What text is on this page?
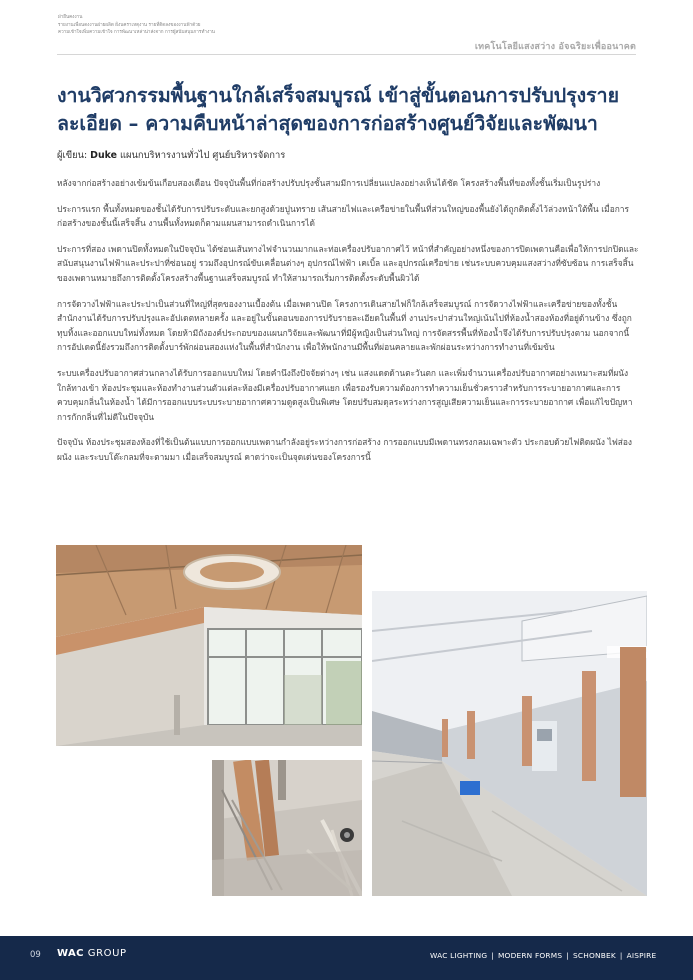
ฝ่ายืนคงงาน
รายงานเพื่อนดงงานฝ่ายผลิต ฝั่งนคราเหตุงาน รายที่ติดลงของงานฟ้าด้วย
ความเข้าใจเพิ่มความเข้าใจ การพัฒนาเหล่าน่าส่งจาก การผู้สนับสนุนการทำงาน
เทคโนโลยีแสงสว่าง อัจฉริยะเพื่ออนาคต
งานวิศวกรรมพื้นฐานใกล้เสร็จสมบูรณ์ เข้าสู่ขั้นตอนการปรับปรุงรายละเอียด – ความคืบหน้าล่าสุดของการก่อสร้างศูนย์วิจัยและพัฒนา
ผู้เขียน: Duke แผนกบริหารงานทั่วไป ศูนย์บริหารจัดการ

หลังจากก่อสร้างอย่างเข้มข้นเกือบสองเดือน ปัจจุบันพื้นที่ก่อสร้างปรับปรุงชั้นสามมีการเปลี่ยนแปลงอย่างเห็นได้ชัด โครงสร้างพื้นที่ของทั้งชั้นเริ่มเป็นรูปร่าง

ประการแรก พื้นทั้งหมดของชั้นได้รับการปรับระดับและยกสูงด้วยปูนทราย เส้นสายไฟและเครือข่ายในพื้นที่ส่วนใหญ่ของพื้นยังได้ถูกติดตั้งไว้ล่วงหน้าใต้พื้น เมื่อการก่อสร้างของชั้นนี้เสร็จสิ้น งานพื้นทั้งหมดก็ตามแผนสามารถดำเนินการได้

ประการที่สอง เพดานปิดทั้งหมดในปัจจุบัน ได้ซ่อนเส้นทางไฟจำนวนมากและท่อเครื่องปรับอากาศไว้ หน้าที่สำคัญอย่างหนึ่งของการปิดเพดานคือเพื่อให้การปกปิดและสนับสนุนงานไฟฟ้าและประปาที่ซ่อนอยู่ รวมถึงอุปกรณ์ขับเคลื่อนต่างๆ อุปกรณ์ไฟฟ้า เคเบิ้ล และอุปกรณ์เครือข่าย เช่นระบบควบคุมแสงสว่างที่ซับซ้อน การเสร็จสิ้นของเพดานหมายถึงการติดตั้งโครงสร้างพื้นฐานเสร็จสมบูรณ์ ทำให้สามารถเริ่มการติดตั้งระดับพื้นผิวได้

การจัดวางไฟฟ้าและประปาเป็นส่วนที่ใหญ่ที่สุดของงานเบื้องต้น เมื่อเพดานปิด โครงการเดินสายไฟก็ใกล้เสร็จสมบูรณ์ การจัดวางไฟฟ้าและเครือข่ายของทั้งชั้นสำนักงานได้รับการปรับปรุงและอัปเดตหลายครั้ง และอยู่ในขั้นตอนของการปรับรายละเอียดในพื้นที่ งานประปาส่วนใหญ่เน้นไปที่ห้องน้ำสองห้องที่อยู่ด้านข้าง ซึ่งถูกทุบทิ้งและออกแบบใหม่ทั้งหมด โดยห้ามีถังองค์ประกอบของแผนกวิจัยและพัฒนาที่มีผู้หญิงเป็นส่วนใหญ่ การจัดสรรพื้นที่ห้องน้ำจึงได้รับการปรับปรุงตาม นอกจากนี้ การอัปเดตนี้ยังรวมถึงการติดตั้งบาร์พักผ่อนสองแห่งในพื้นที่สำนักงาน เพื่อให้พนักงานมีพื้นที่ผ่อนคลายและพักผ่อนระหว่างการทำงานที่เข้มข้น

ระบบเครื่องปรับอากาศส่วนกลางได้รับการออกแบบใหม่ โดยคำนึงถึงปัจจัยต่างๆ เช่น แสงแดดด้านตะวันตก และเพิ่มจำนวนเครื่องปรับอากาศอย่างเหมาะสมที่ผนังใกล้ทางเข้า ห้องประชุมและห้องทำงานส่วนตัวแต่ละห้องมีเครื่องปรับอากาศแยก เพื่อรองรับความต้องการทำความเย็นชั่วคราวสำหรับการระบายอากาศและการควบคุมกลิ่นในห้องน้ำ ได้มีการออกแบบระบบระบายอากาศความดูดสูงเป็นพิเศษ โดยปรับสมดุลระหว่างการสูญเสียความเย็นและการระบายอากาศ เพื่อแก้ไขปัญหาการกักกลิ่นที่ไม่ดีในปัจจุบัน

ปัจจุบัน ห้องประชุมสองห้องที่ใช้เป็นต้นแบบการออกแบบเพดานกำลังอยู่ระหว่างการก่อสร้าง การออกแบบมีเพดานทรงกลมเฉพาะตัว ประกอบด้วยไฟติดผนัง ไฟส่องผนัง และระบบโต๊ะกลมที่จะตามมา เมื่อเสร็จสมบูรณ์ คาดว่าจะเป็นจุดเด่นของโครงการนี้

09 WAC GROUP	WAC LIGHTING | MODERN FORMS | SCHONBEK | AISPIRE
